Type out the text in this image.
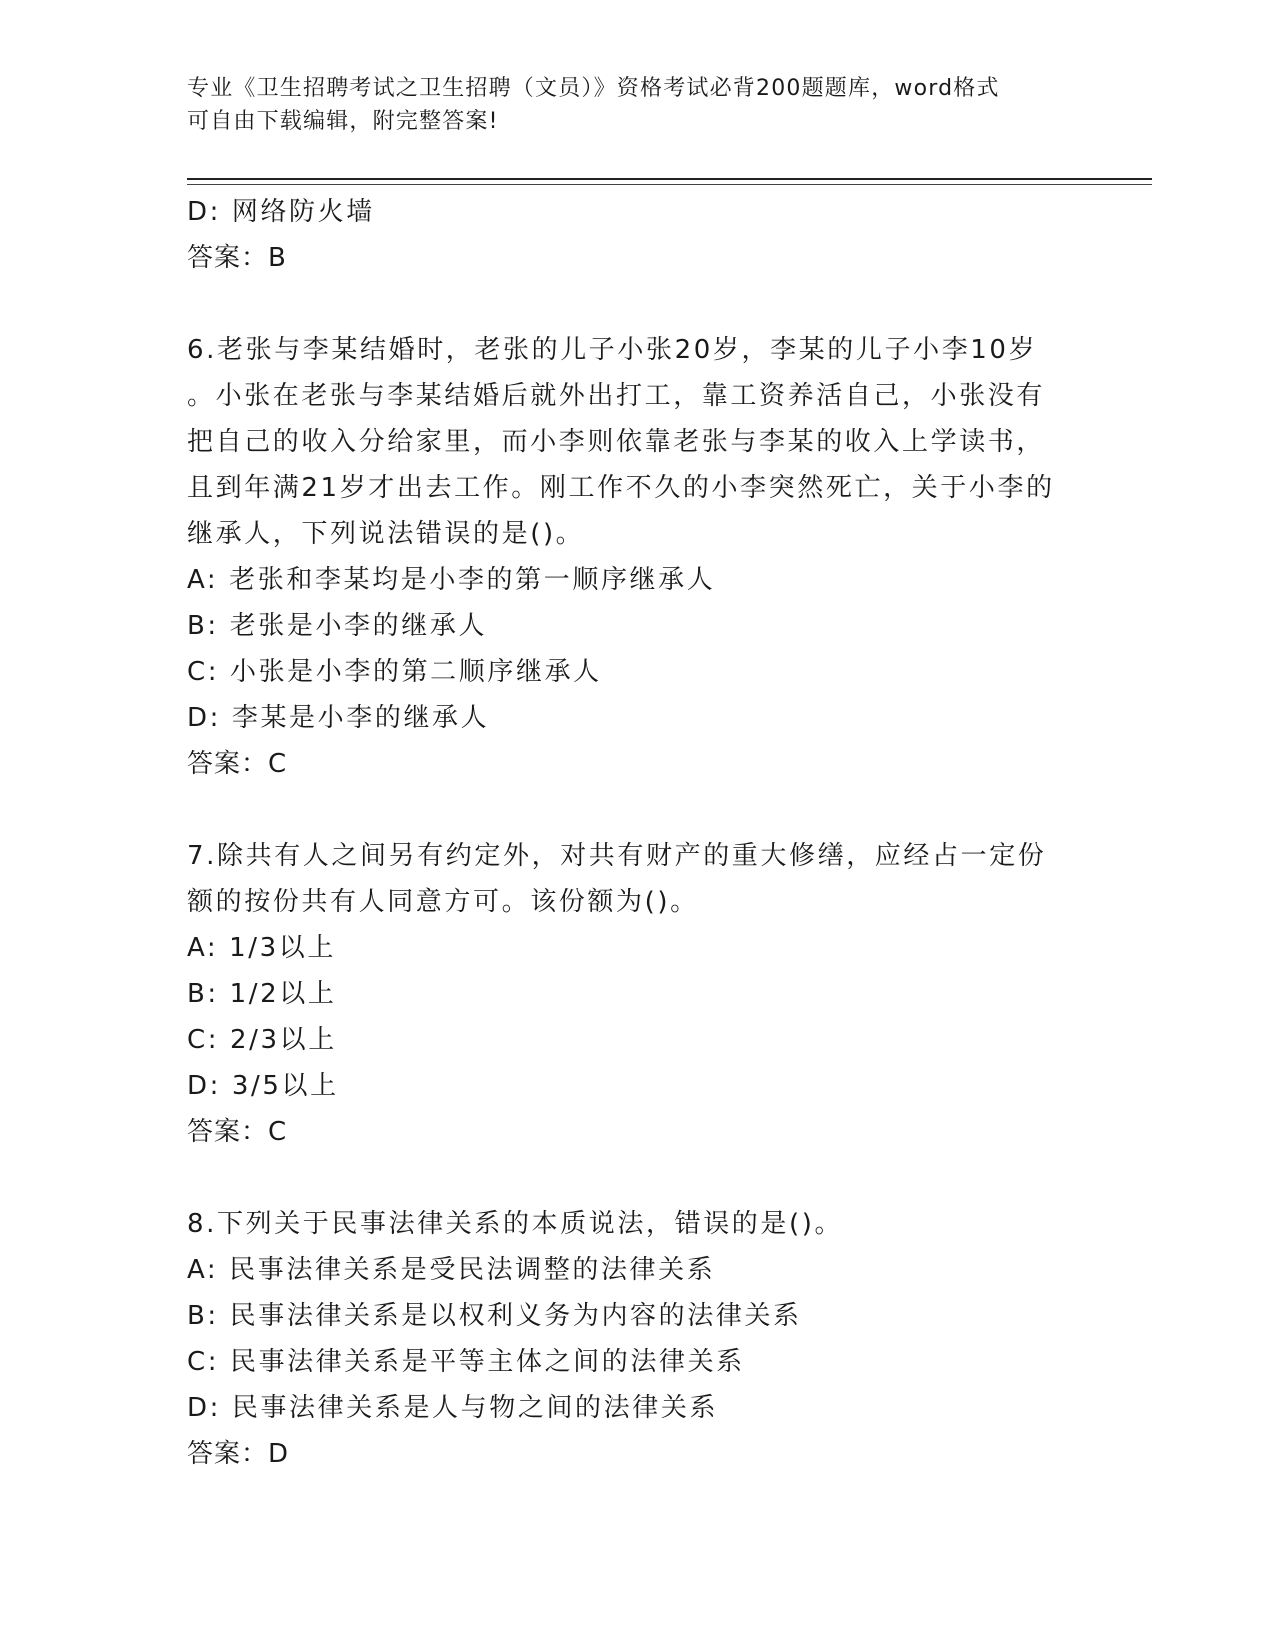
专业《卫生招聘考试之卫生招聘（文员）》资格考试必背200题题库，word格式
可自由下载编辑，附完整答案!
D: 网络防火墙
答案：B
6.老张与李某结婚时，老张的儿子小张20岁，李某的儿子小李10岁
。小张在老张与李某结婚后就外出打工，靠工资养活自己，小张没有
把自己的收入分给家里，而小李则依靠老张与李某的收入上学读书，
且到年满21岁才出去工作。刚工作不久的小李突然死亡，关于小李的
继承人，下列说法错误的是()。
A: 老张和李某均是小李的第一顺序继承人
B: 老张是小李的继承人
C: 小张是小李的第二顺序继承人
D: 李某是小李的继承人
答案：C
7.除共有人之间另有约定外，对共有财产的重大修缮，应经占一定份
额的按份共有人同意方可。该份额为()。
A: 1/3以上
B: 1/2以上
C: 2/3以上
D: 3/5以上
答案：C
8.下列关于民事法律关系的本质说法，错误的是()。
A: 民事法律关系是受民法调整的法律关系
B: 民事法律关系是以权利义务为内容的法律关系
C: 民事法律关系是平等主体之间的法律关系
D: 民事法律关系是人与物之间的法律关系
答案：D
